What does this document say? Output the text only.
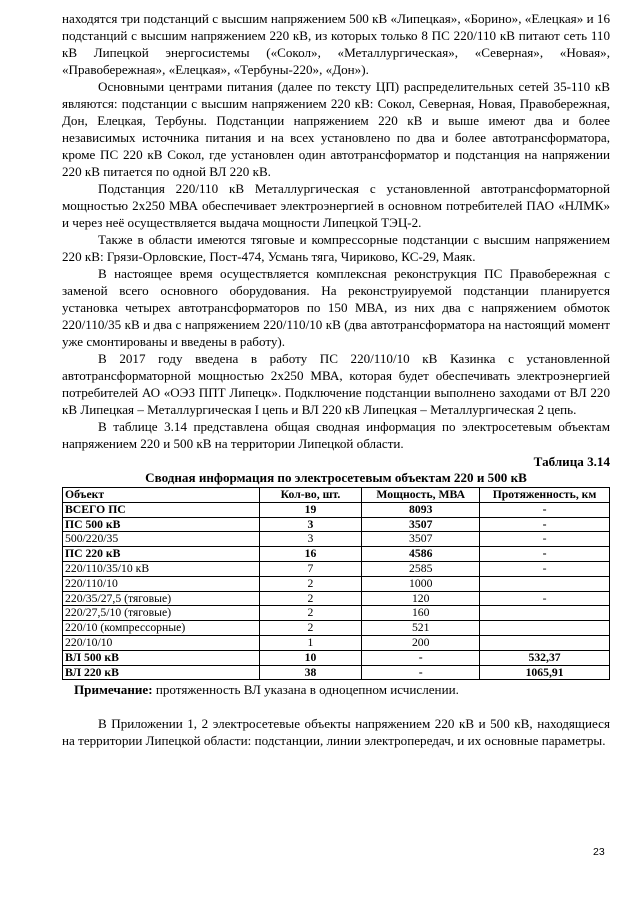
находятся три подстанций с высшим напряжением 500 кВ «Липецкая», «Борино», «Елецкая» и 16 подстанций с высшим напряжением 220 кВ, из которых только 8 ПС 220/110 кВ питают сеть 110 кВ Липецкой энергосистемы («Сокол», «Металлургическая», «Северная», «Новая», «Правобережная», «Елецкая», «Тербуны-220», «Дон»).

Основными центрами питания (далее по тексту ЦП) распределительных сетей 35-110 кВ являются: подстанции с высшим напряжением 220 кВ: Сокол, Северная, Новая, Правобережная, Дон, Елецкая, Тербуны. Подстанции напряжением 220 кВ и выше имеют два и более независимых источника питания и на всех установлено по два и более автотрансформатора, кроме ПС 220 кВ Сокол, где установлен один автотрансформатор и подстанция на напряжении 220 кВ питается по одной ВЛ 220 кВ.

Подстанция 220/110 кВ Металлургическая с установленной автотрансформаторной мощностью 2х250 МВА обеспечивает электроэнергией в основном потребителей ПАО «НЛМК» и через неё осуществляется выдача мощности Липецкой ТЭЦ-2.

Также в области имеются тяговые и компрессорные подстанции с высшим напряжением 220 кВ: Грязи-Орловские, Пост-474, Усмань тяга, Чириково, КС-29, Маяк.

В настоящее время осуществляется комплексная реконструкция ПС Правобережная с заменой всего основного оборудования. На реконструируемой подстанции планируется установка четырех автотрансформаторов по 150 МВА, из них два с напряжением обмоток 220/110/35 кВ и два с напряжением 220/110/10 кВ (два автотрансформатора на настоящий момент уже смонтированы и введены в работу).

В 2017 году введена в работу ПС 220/110/10 кВ Казинка с установленной автотрансформаторной мощностью 2х250 МВА, которая будет обеспечивать электроэнергией потребителей АО «ОЭЗ ППТ Липецк». Подключение подстанции выполнено заходами от ВЛ 220 кВ Липецкая – Металлургическая I цепь и ВЛ 220 кВ Липецкая – Металлургическая 2 цепь.

В таблице 3.14 представлена общая сводная информация по электросетевым объектам напряжением 220 и 500 кВ на территории Липецкой области.

Таблица 3.14
Сводная информация по электросетевым объектам 220 и 500 кВ
Объект	Кол-во, шт.	Мощность, МВА	Протяженность, км
ВСЕГО ПС	19	8093	-
ПС 500 кВ	3	3507	-
500/220/35	3	3507	-
ПС 220 кВ	16	4586	-
220/110/35/10 кВ	7	2585	-
220/110/10	2	1000	
220/35/27,5 (тяговые)	2	120	-
220/27,5/10 (тяговые)	2	160	
220/10 (компрессорные)	2	521	
220/10/10	1	200	
ВЛ 500 кВ	10	-	532,37
ВЛ 220 кВ	38	-	1065,91
Примечание: протяженность ВЛ указана в одноцепном исчислении.

В Приложении 1, 2 электросетевые объекты напряжением 220 кВ и 500 кВ, находящиеся на территории Липецкой области: подстанции, линии электропередач, и их основные параметры.

23
